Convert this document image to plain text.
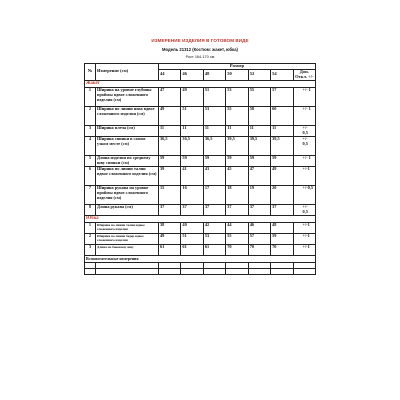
ИЗМЕРЕНИЕ ИЗДЕЛИЯ В ГОТОВОМ ВИДЕ
Модель 21312 (Костюм: жакет, юбка)
Рост 164-170 см
№	Измерение (см)	Размер						
		44	46	48	50	52	54	Доп. Откл. +/-
Жакет								
1	Ширина на уровне глубины проймы вдвое сложенного изделия (см)	47	49	51	53	55	57	+/- 1
2	Ширина по линии низа вдвое сложенного изделия (см)	49	51	53	55	58	60	+/- 1
3	Ширина плеча (см)	11	11	11	11	11	11	+/- 0,5
4	Ширина спинки в самом узком месте (см)	36,5	36,5	36,5	39,5	39,5	39,5	+/- 0,5
5	Длина изделия по среднему шву спинки (см)	59	59	59	59	59	59	+/- 1
6	Ширина по линии талии вдвое сложенного изделия (см)	39	41	43	45	47	49	+/-1
7	Ширина рукава на уровне проймы вдвое сложенного изделия (см)	15	16	17	18	19	20	+/-0,5
8	Длина рукава (см)	37	37	37	37	37	37	+/- 0,5
Юбка								
1	Ширина по линии талии вдвое сложенного изделия	38	40	42	44	46	48	+/-1
2	Ширина по линии бедер вдвое сложенного изделия	49	51	53	55	57	59	+/-1
3	Длина по боковому шву	61	61	61	70	70	70	+/-1
Вспомогательные измерения								
